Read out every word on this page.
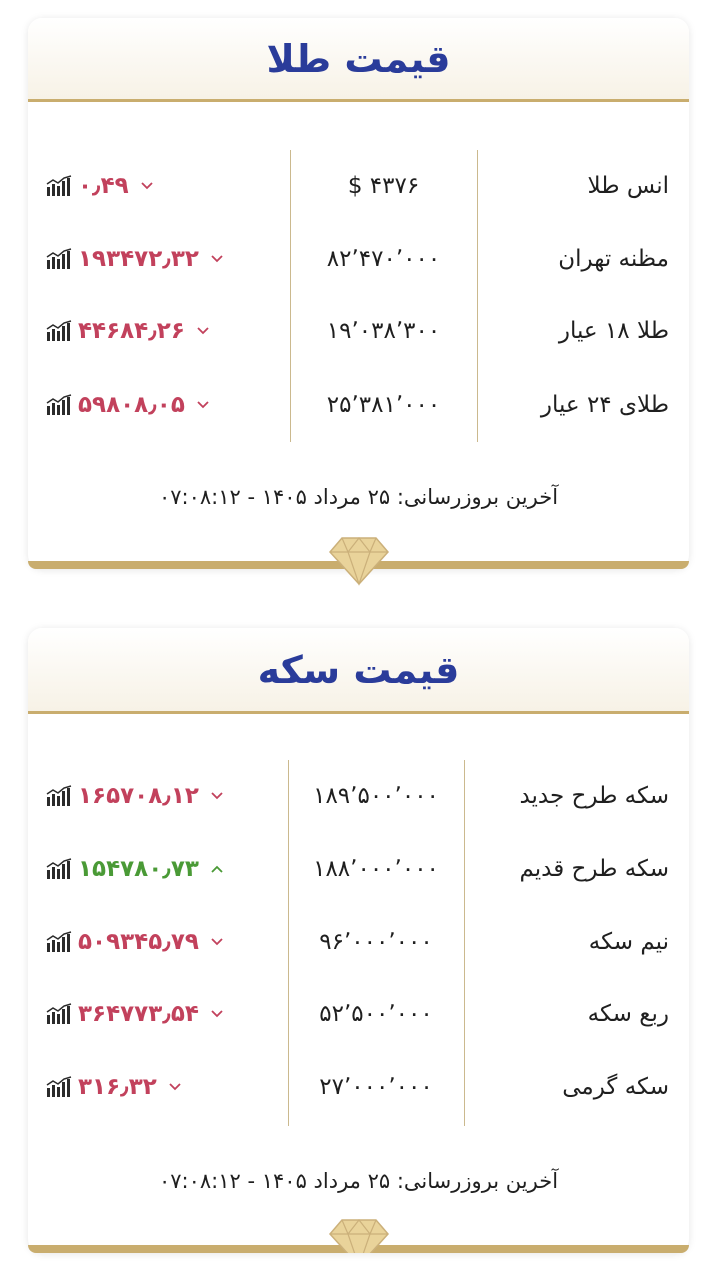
قیمت طلا
انس طلا
۴۳۷۶ $
۰٫۴۹
مظنه تهران
۸۲٬۴۷۰٬۰۰۰
۱۹۳۴۷۲٫۳۲
طلا ۱۸ عیار
۱۹٬۰۳۸٬۳۰۰
۴۴۶۸۴٫۲۶
طلای ۲۴ عیار
۲۵٬۳۸۱٬۰۰۰
۵۹۸۰۸٫۰۵
آخرین بروزرسانی: ۲۵ مرداد ۱۴۰۵ - ۰۷:۰۸:۱۲
قیمت سکه
سکه طرح جدید
۱۸۹٬۵۰۰٬۰۰۰
۱۶۵۷۰۸٫۱۲
سکه طرح قدیم
۱۸۸٬۰۰۰٬۰۰۰
۱۵۴۷۸۰٫۷۳
نیم سکه
۹۶٬۰۰۰٬۰۰۰
۵۰۹۳۴۵٫۷۹
ربع سکه
۵۲٬۵۰۰٬۰۰۰
۳۶۴۷۷۳٫۵۴
سکه گرمی
۲۷٬۰۰۰٬۰۰۰
۳۱۶٫۳۲
آخرین بروزرسانی: ۲۵ مرداد ۱۴۰۵ - ۰۷:۰۸:۱۲
